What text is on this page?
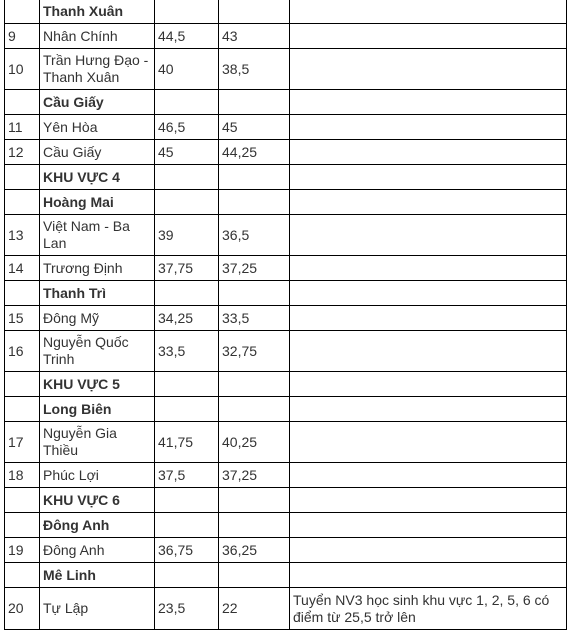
	Thanh Xuân			
9	Nhân Chính	44,5	43	
10	Trần Hưng Đạo - Thanh Xuân	40	38,5	
	Cầu Giấy			
11	Yên Hòa	46,5	45	
12	Cầu Giấy	45	44,25	
	KHU VỰC 4			
	Hoàng Mai			
13	Việt Nam - Ba Lan	39	36,5	
14	Trương Định	37,75	37,25	
	Thanh Trì			
15	Đông Mỹ	34,25	33,5	
16	Nguyễn Quốc Trinh	33,5	32,75	
	KHU VỰC 5			
	Long Biên			
17	Nguyễn Gia Thiều	41,75	40,25	
18	Phúc Lợi	37,5	37,25	
	KHU VỰC 6			
	Đông Anh			
19	Đông Anh	36,75	36,25	
	Mê Linh			
20	Tự Lập	23,5	22	Tuyển NV3 học sinh khu vực 1, 2, 5, 6 có điểm từ 25,5 trở lên
